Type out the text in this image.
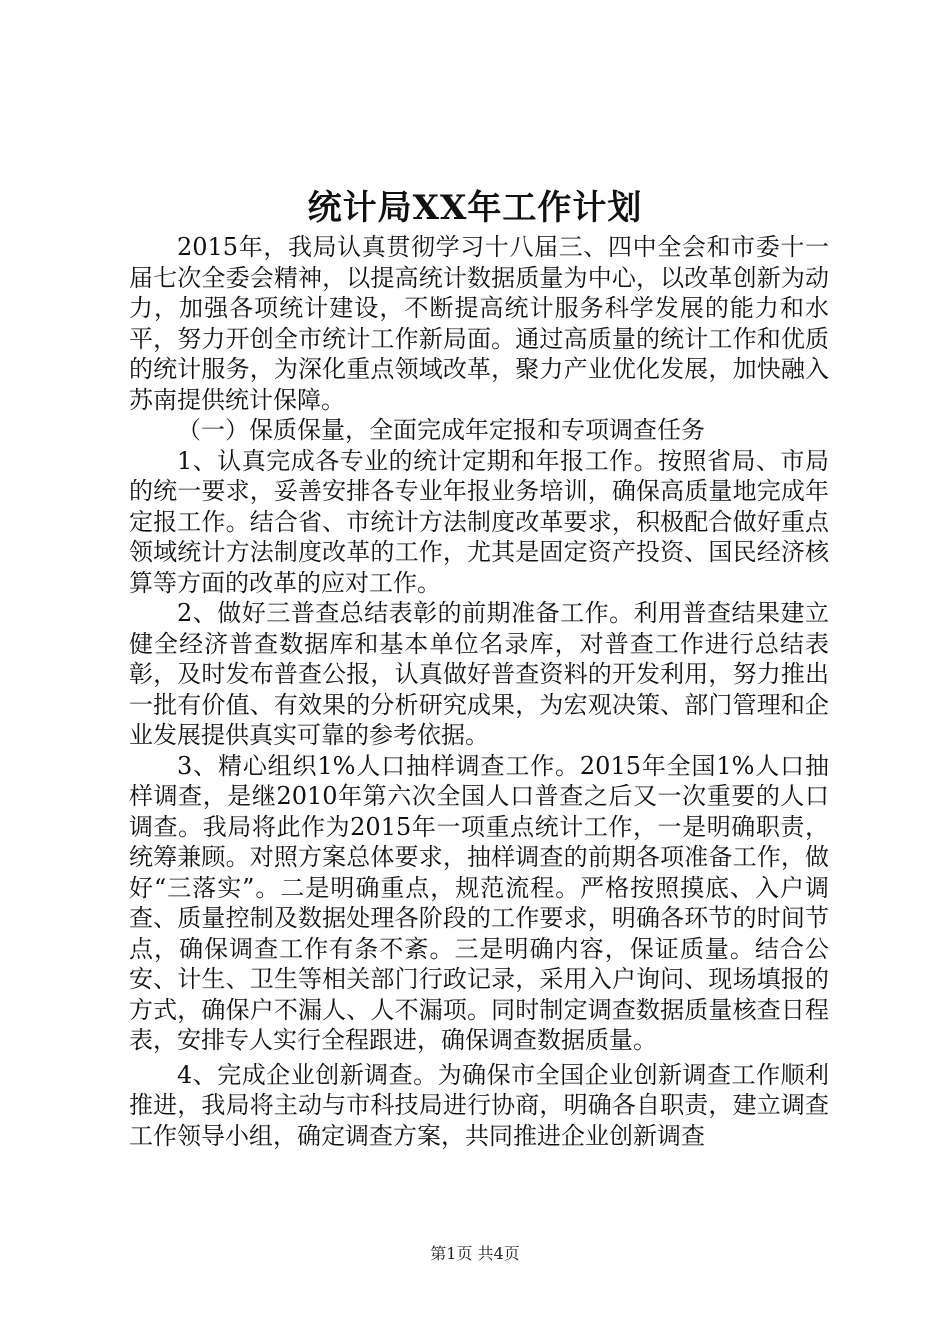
统计局XX年工作计划

2015年，我局认真贯彻学习十八届三、四中全会和市委十一届七次全委会精神，以提高统计数据质量为中心，以改革创新为动力，加强各项统计建设，不断提高统计服务科学发展的能力和水平，努力开创全市统计工作新局面。通过高质量的统计工作和优质的统计服务，为深化重点领域改革，聚力产业优化发展，加快融入苏南提供统计保障。

（一）保质保量，全面完成年定报和专项调查任务

1、认真完成各专业的统计定期和年报工作。按照省局、市局的统一要求，妥善安排各专业年报业务培训，确保高质量地完成年定报工作。结合省、市统计方法制度改革要求，积极配合做好重点领域统计方法制度改革的工作，尤其是固定资产投资、国民经济核算等方面的改革的应对工作。

2、做好三普查总结表彰的前期准备工作。利用普查结果建立健全经济普查数据库和基本单位名录库，对普查工作进行总结表彰，及时发布普查公报，认真做好普查资料的开发利用，努力推出一批有价值、有效果的分析研究成果，为宏观决策、部门管理和企业发展提供真实可靠的参考依据。

3、精心组织1%人口抽样调查工作。2015年全国1%人口抽样调查，是继2010年第六次全国人口普查之后又一次重要的人口调查。我局将此作为2015年一项重点统计工作，一是明确职责，统筹兼顾。对照方案总体要求，抽样调查的前期各项准备工作，做好“三落实”。二是明确重点，规范流程。严格按照摸底、入户调查、质量控制及数据处理各阶段的工作要求，明确各环节的时间节点，确保调查工作有条不紊。三是明确内容，保证质量。结合公安、计生、卫生等相关部门行政记录，采用入户询问、现场填报的方式，确保户不漏人、人不漏项。同时制定调查数据质量核查日程表，安排专人实行全程跟进，确保调查数据质量。

4、完成企业创新调查。为确保市全国企业创新调查工作顺利推进，我局将主动与市科技局进行协商，明确各自职责，建立调查工作领导小组，确定调查方案，共同推进企业创新调查

第1页 共4页
